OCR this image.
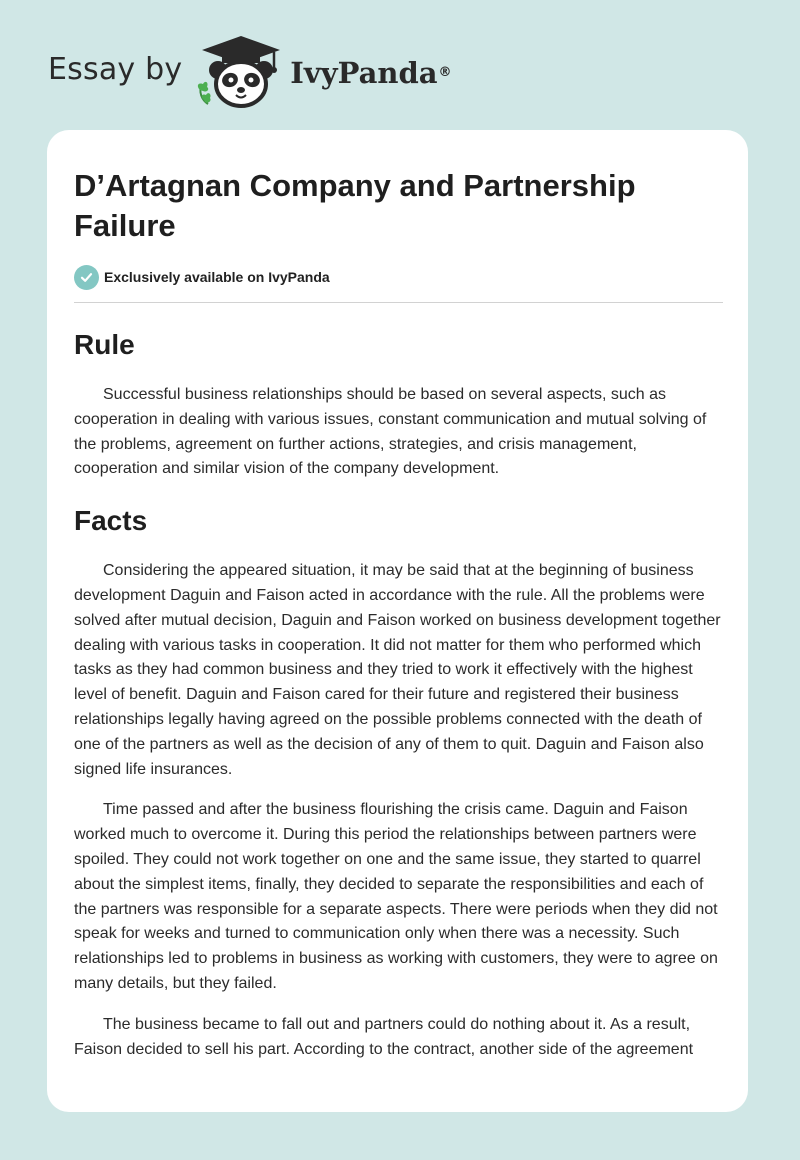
Essay by	IvyPanda ®
D’Artagnan Company and Partnership Failure
Exclusively available on IvyPanda
Rule

Successful business relationships should be based on several aspects, such as cooperation in dealing with various issues, constant communication and mutual solving of the problems, agreement on further actions, strategies, and crisis management, cooperation and similar vision of the company development.

Facts

Considering the appeared situation, it may be said that at the beginning of business development Daguin and Faison acted in accordance with the rule. All the problems were solved after mutual decision, Daguin and Faison worked on business development together dealing with various tasks in cooperation. It did not matter for them who performed which tasks as they had common business and they tried to work it effectively with the highest level of benefit. Daguin and Faison cared for their future and registered their business relationships legally having agreed on the possible problems connected with the death of one of the partners as well as the decision of any of them to quit. Daguin and Faison also signed life insurances.

Time passed and after the business flourishing the crisis came. Daguin and Faison worked much to overcome it. During this period the relationships between partners were spoiled. They could not work together on one and the same issue, they started to quarrel about the simplest items, finally, they decided to separate the responsibilities and each of the partners was responsible for a separate aspects. There were periods when they did not speak for weeks and turned to communication only when there was a necessity. Such relationships led to problems in business as working with customers, they were to agree on many details, but they failed.

The business became to fall out and partners could do nothing about it. As a result, Faison decided to sell his part. According to the contract, another side of the agreement
